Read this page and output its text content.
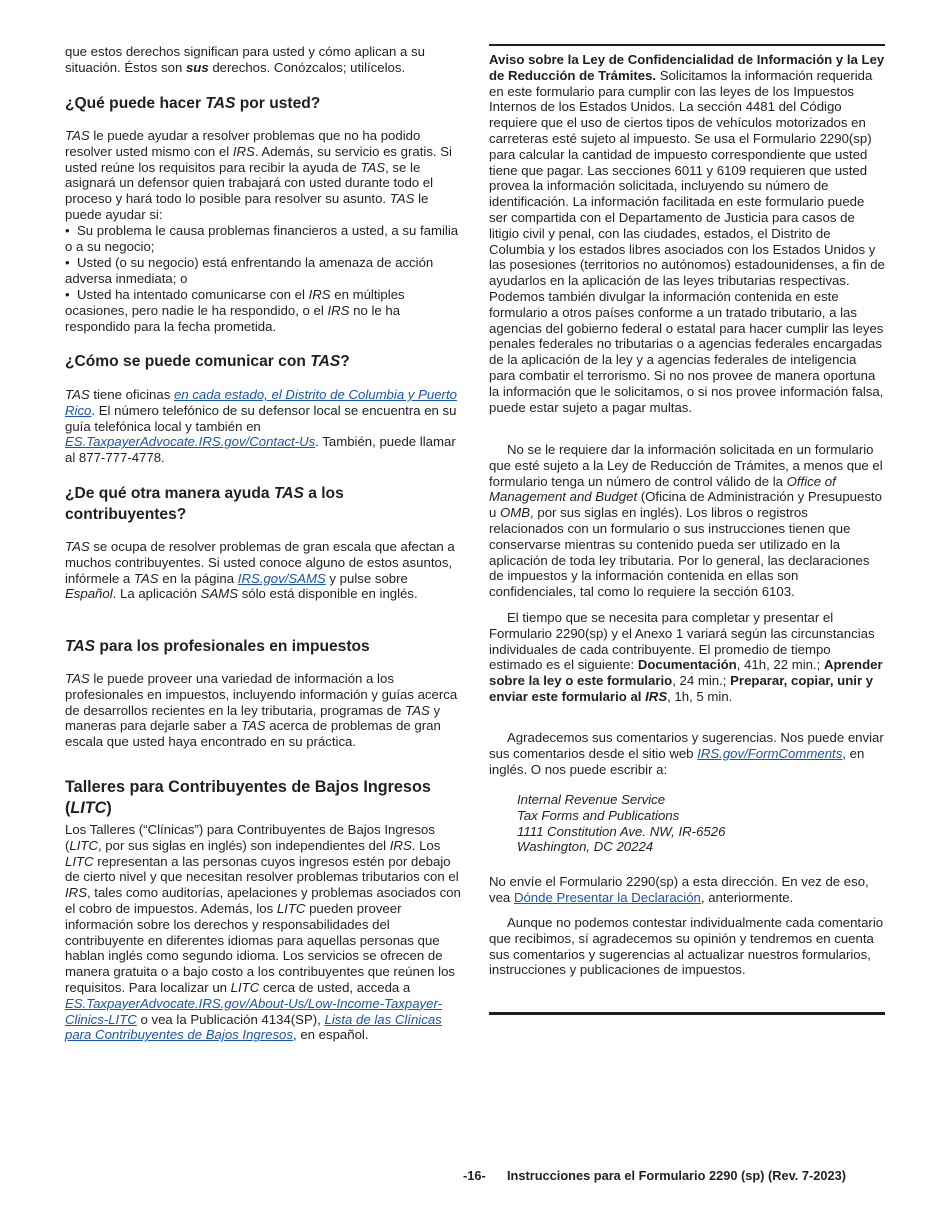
que estos derechos significan para usted y cómo aplican a su situación. Éstos son sus derechos. Conózcalos; utilícelos.

¿Qué puede hacer TAS por usted?

TAS le puede ayudar a resolver problemas que no ha podido resolver usted mismo con el IRS. Además, su servicio es gratis. Si usted reúne los requisitos para recibir la ayuda de TAS, se le asignará un defensor quien trabajará con usted durante todo el proceso y hará todo lo posible para resolver su asunto. TAS le puede ayudar si:

• Su problema le causa problemas financieros a usted, a su familia o a su negocio;

• Usted (o su negocio) está enfrentando la amenaza de acción adversa inmediata; o

• Usted ha intentado comunicarse con el IRS en múltiples ocasiones, pero nadie le ha respondido, o el IRS no le ha respondido para la fecha prometida.

¿Cómo se puede comunicar con TAS?

TAS tiene oficinas en cada estado, el Distrito de Columbia y Puerto Rico. El número telefónico de su defensor local se encuentra en su guía telefónica local y también en ES.TaxpayerAdvocate.IRS.gov/Contact-Us. También, puede llamar al 877-777-4778.

¿De qué otra manera ayuda TAS a los contribuyentes?

TAS se ocupa de resolver problemas de gran escala que afectan a muchos contribuyentes. Si usted conoce alguno de estos asuntos, infórmele a TAS en la página IRS.gov/SAMS y pulse sobre Español. La aplicación SAMS sólo está disponible en inglés.

TAS para los profesionales en impuestos

TAS le puede proveer una variedad de información a los profesionales en impuestos, incluyendo información y guías acerca de desarrollos recientes en la ley tributaria, programas de TAS y maneras para dejarle saber a TAS acerca de problemas de gran escala que usted haya encontrado en su práctica.

Talleres para Contribuyentes de Bajos Ingresos (LITC)

Los Talleres (“Clínicas”) para Contribuyentes de Bajos Ingresos (LITC, por sus siglas en inglés) son independientes del IRS. Los LITC representan a las personas cuyos ingresos estén por debajo de cierto nivel y que necesitan resolver problemas tributarios con el IRS, tales como auditorías, apelaciones y problemas asociados con el cobro de impuestos. Además, los LITC pueden proveer información sobre los derechos y responsabilidades del contribuyente en diferentes idiomas para aquellas personas que hablan inglés como segundo idioma. Los servicios se ofrecen de manera gratuita o a bajo costo a los contribuyentes que reúnen los requisitos. Para localizar un LITC cerca de usted, acceda a ES.TaxpayerAdvocate.IRS.gov/About-Us/Low-Income-Taxpayer-Clinics-LITC o vea la Publicación 4134(SP), Lista de las Clínicas para Contribuyentes de Bajos Ingresos, en español.

Aviso sobre la Ley de Confidencialidad de Información y la Ley de Reducción de Trámites. Solicitamos la información requerida en este formulario para cumplir con las leyes de los Impuestos Internos de los Estados Unidos. La sección 4481 del Código requiere que el uso de ciertos tipos de vehículos motorizados en carreteras esté sujeto al impuesto. Se usa el Formulario 2290(sp) para calcular la cantidad de impuesto correspondiente que usted tiene que pagar. Las secciones 6011 y 6109 requieren que usted provea la información solicitada, incluyendo su número de identificación. La información facilitada en este formulario puede ser compartida con el Departamento de Justicia para casos de litigio civil y penal, con las ciudades, estados, el Distrito de Columbia y los estados libres asociados con los Estados Unidos y las posesiones (territorios no autónomos) estadounidenses, a fin de ayudarlos en la aplicación de las leyes tributarias respectivas. Podemos también divulgar la información contenida en este formulario a otros países conforme a un tratado tributario, a las agencias del gobierno federal o estatal para hacer cumplir las leyes penales federales no tributarias o a agencias federales encargadas de la aplicación de la ley y a agencias federales de inteligencia para combatir el terrorismo. Si no nos provee de manera oportuna la información que le solicitamos, o si nos provee información falsa, puede estar sujeto a pagar multas.

No se le requiere dar la información solicitada en un formulario que esté sujeto a la Ley de Reducción de Trámites, a menos que el formulario tenga un número de control válido de la Office of Management and Budget (Oficina de Administración y Presupuesto u OMB, por sus siglas en inglés). Los libros o registros relacionados con un formulario o sus instrucciones tienen que conservarse mientras su contenido pueda ser utilizado en la aplicación de toda ley tributaria. Por lo general, las declaraciones de impuestos y la información contenida en ellas son confidenciales, tal como lo requiere la sección 6103.

El tiempo que se necesita para completar y presentar el Formulario 2290(sp) y el Anexo 1 variará según las circunstancias individuales de cada contribuyente. El promedio de tiempo estimado es el siguiente: Documentación, 41h, 22 min.; Aprender sobre la ley o este formulario, 24 min.; Preparar, copiar, unir y enviar este formulario al IRS, 1h, 5 min.

Agradecemos sus comentarios y sugerencias. Nos puede enviar sus comentarios desde el sitio web IRS.gov/FormComments, en inglés. O nos puede escribir a:

Internal Revenue Service
Tax Forms and Publications
1111 Constitution Ave. NW, IR-6526
Washington, DC 20224

No envíe el Formulario 2290(sp) a esta dirección. En vez de eso, vea Dónde Presentar la Declaración, anteriormente.

Aunque no podemos contestar individualmente cada comentario que recibimos, sí agradecemos su opinión y tendremos en cuenta sus comentarios y sugerencias al actualizar nuestros formularios, instrucciones y publicaciones de impuestos.

-16- Instrucciones para el Formulario 2290 (sp) (Rev. 7-2023)
